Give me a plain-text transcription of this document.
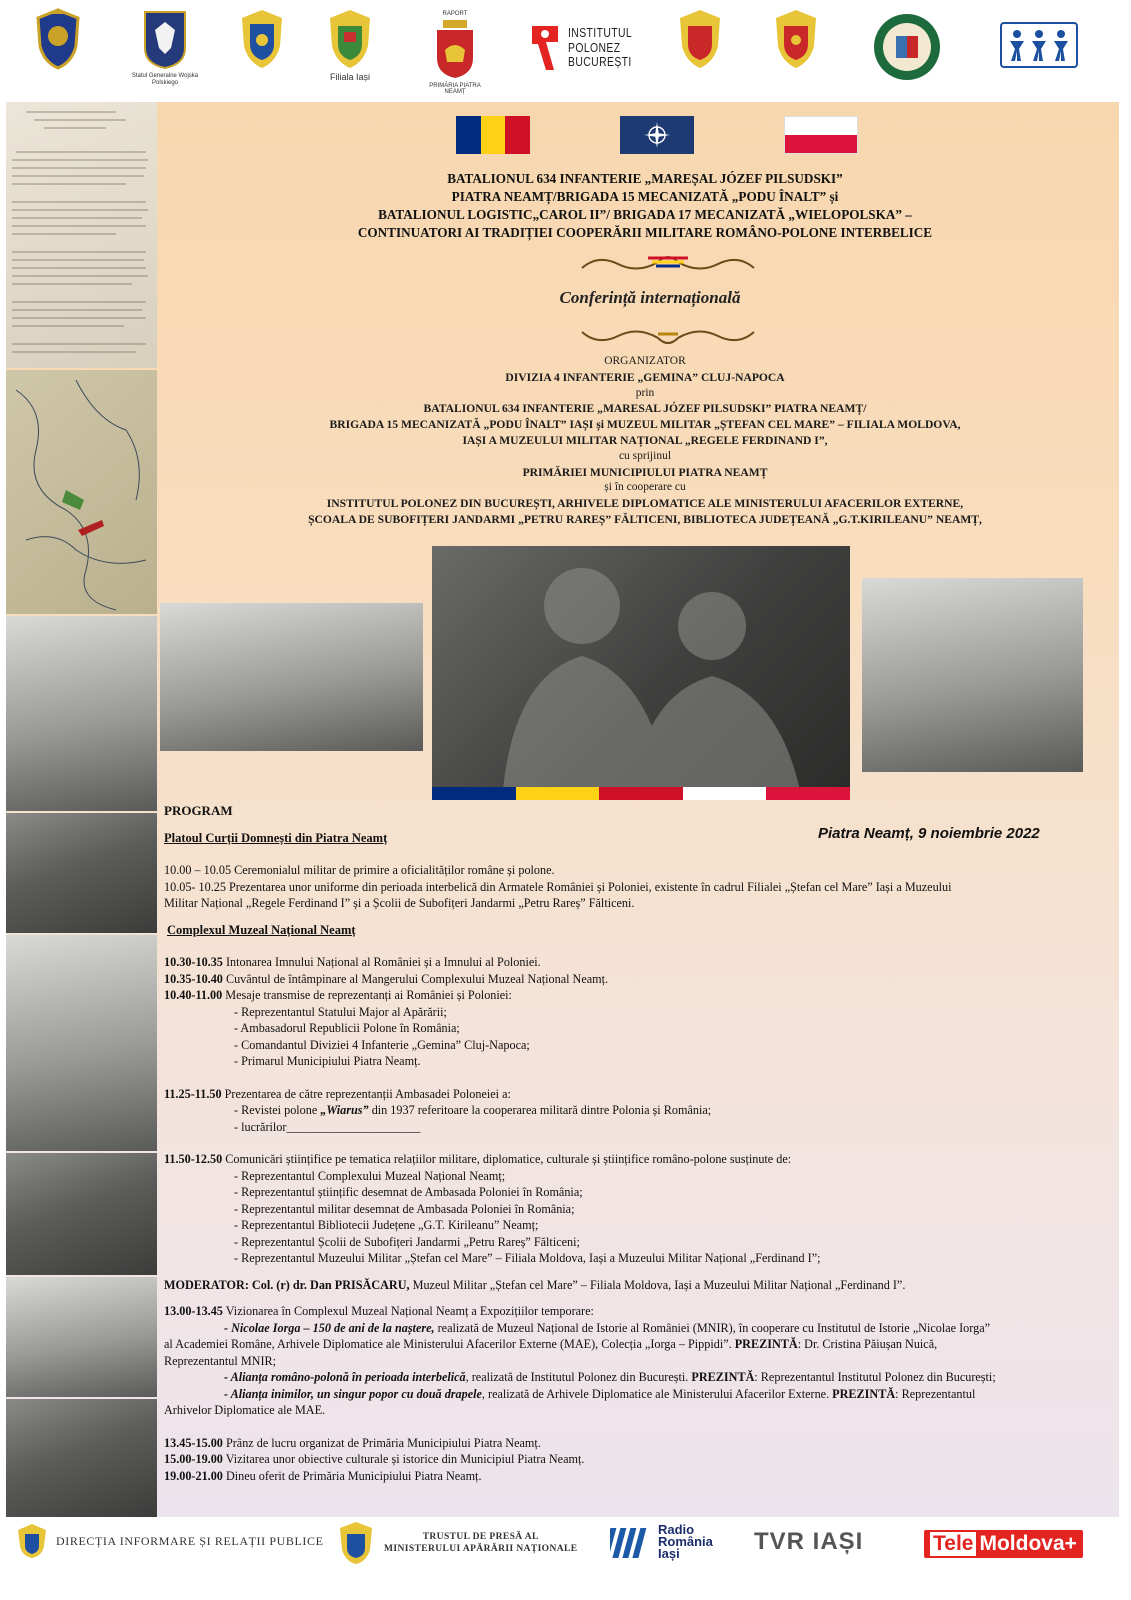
Statul Generalne Wojska Polskiego
Filiala Iași
RAPORT
PRIMĂRIA PIATRA NEAMȚ
INSTITUTUL
POLONEZ
BUCUREȘTI
BATALIONUL 634 INFANTERIE „MAREȘAL JÓZEF PILSUDSKI”
PIATRA NEAMȚ/BRIGADA 15 MECANIZATĂ „PODU ÎNALT” și
BATALIONUL LOGISTIC„CAROL II”/ BRIGADA 17 MECANIZATĂ „WIELOPOLSKA” –
CONTINUATORI AI TRADIȚIEI COOPERĂRII MILITARE ROMÂNO-POLONE INTERBELICE
Conferință internațională
ORGANIZATOR
DIVIZIA 4 INFANTERIE „GEMINA” CLUJ-NAPOCA
prin
BATALIONUL 634 INFANTERIE „MARESAL JÓZEF PILSUDSKI” PIATRA NEAMȚ/
BRIGADA 15 MECANIZATĂ „PODU ÎNALT” IAȘI și MUZEUL MILITAR „ȘTEFAN CEL MARE” – FILIALA MOLDOVA,
IAȘI A MUZEULUI MILITAR NAȚIONAL „REGELE FERDINAND I”,
cu sprijinul
PRIMĂRIEI MUNICIPIULUI PIATRA NEAMȚ
și în cooperare cu
INSTITUTUL POLONEZ DIN BUCUREȘTI, ARHIVELE DIPLOMATICE ALE MINISTERULUI AFACERILOR EXTERNE,
ȘCOALA DE SUBOFIȚERI JANDARMI „PETRU RAREȘ” FĂLTICENI, BIBLIOTECA JUDEȚEANĂ „G.T.KIRILEANU” NEAMȚ,
Piatra Neamț, 9 noiembrie 2022
PROGRAM
Platoul Curții Domnești din Piatra Neamț
10.00 – 10.05 Ceremonialul militar de primire a oficialităților române și polone.
10.05- 10.25 Prezentarea unor uniforme din perioada interbelică din Armatele României și Poloniei, existente în cadrul Filialei „Ștefan cel Mare” Iași a Muzeului
Militar Național „Regele Ferdinand I” și a Școlii de Subofițeri Jandarmi „Petru Rareș” Fălticeni.
Complexul Muzeal Național Neamț
10.30-10.35 Intonarea Imnului Național al României și a Imnului al Poloniei.
10.35-10.40 Cuvântul de întâmpinare al Mangerului Complexului Muzeal Național Neamț.
10.40-11.00 Mesaje transmise de reprezentanți ai României și Poloniei:
- Reprezentantul Statului Major al Apărării;
- Ambasadorul Republicii Polone în România;
- Comandantul Diviziei 4 Infanterie „Gemina” Cluj-Napoca;
- Primarul Municipiului Piatra Neamț.
11.25-11.50 Prezentarea de către reprezentanții Ambasadei Poloneiei a:
- Revistei polone „Wiarus” din 1937 referitoare la cooperarea militară dintre Polonia și România;
- lucrărilor______________________
11.50-12.50 Comunicări științifice pe tematica relațiilor militare, diplomatice, culturale și științifice româno-polone susținute de:
- Reprezentantul Complexului Muzeal Național Neamț;
- Reprezentantul științific desemnat de Ambasada Poloniei în România;
- Reprezentantul militar desemnat de Ambasada Poloniei în România;
- Reprezentantul Bibliotecii Județene „G.T. Kirileanu” Neamț;
- Reprezentantul Școlii de Subofițeri Jandarmi „Petru Rareș” Fălticeni;
- Reprezentantul Muzeului Militar „Ștefan cel Mare” – Filiala Moldova, Iași a Muzeului Militar Național „Ferdinand I”;
MODERATOR: Col. (r) dr. Dan PRISĂCARU, Muzeul Militar „Ștefan cel Mare” – Filiala Moldova, Iași a Muzeului Militar Național „Ferdinand I”.
13.00-13.45 Vizionarea în Complexul Muzeal Național Neamț a Expozițiilor temporare:
- Nicolae Iorga – 150 de ani de la naștere, realizată de Muzeul Național de Istorie al României (MNIR), în cooperare cu Institutul de Istorie „Nicolae Iorga”
al Academiei Române, Arhivele Diplomatice ale Ministerului Afacerilor Externe (MAE), Colecția „Iorga – Pippidi”. PREZINTĂ: Dr. Cristina Păiușan Nuică,
Reprezentantul MNIR;
- Alianța româno-polonă în perioada interbelică, realizată de Institutul Polonez din București. PREZINTĂ: Reprezentantul Institutul Polonez din București;
- Alianța inimilor, un singur popor cu două drapele, realizată de Arhivele Diplomatice ale Ministerului Afacerilor Externe. PREZINTĂ: Reprezentantul
Arhivelor Diplomatice ale MAE.
13.45-15.00 Prânz de lucru organizat de Primăria Municipiului Piatra Neamț.
15.00-19.00 Vizitarea unor obiective culturale și istorice din Municipiul Piatra Neamț.
19.00-21.00 Dineu oferit de Primăria Municipiului Piatra Neamț.
DIRECȚIA INFORMARE ȘI RELAȚII PUBLICE	TRUSTUL DE PRESĂ AL
MINISTERULUI APĂRĂRII NAȚIONALE
Radio
România
Iași	TVR IAȘI	Tele Moldova+
